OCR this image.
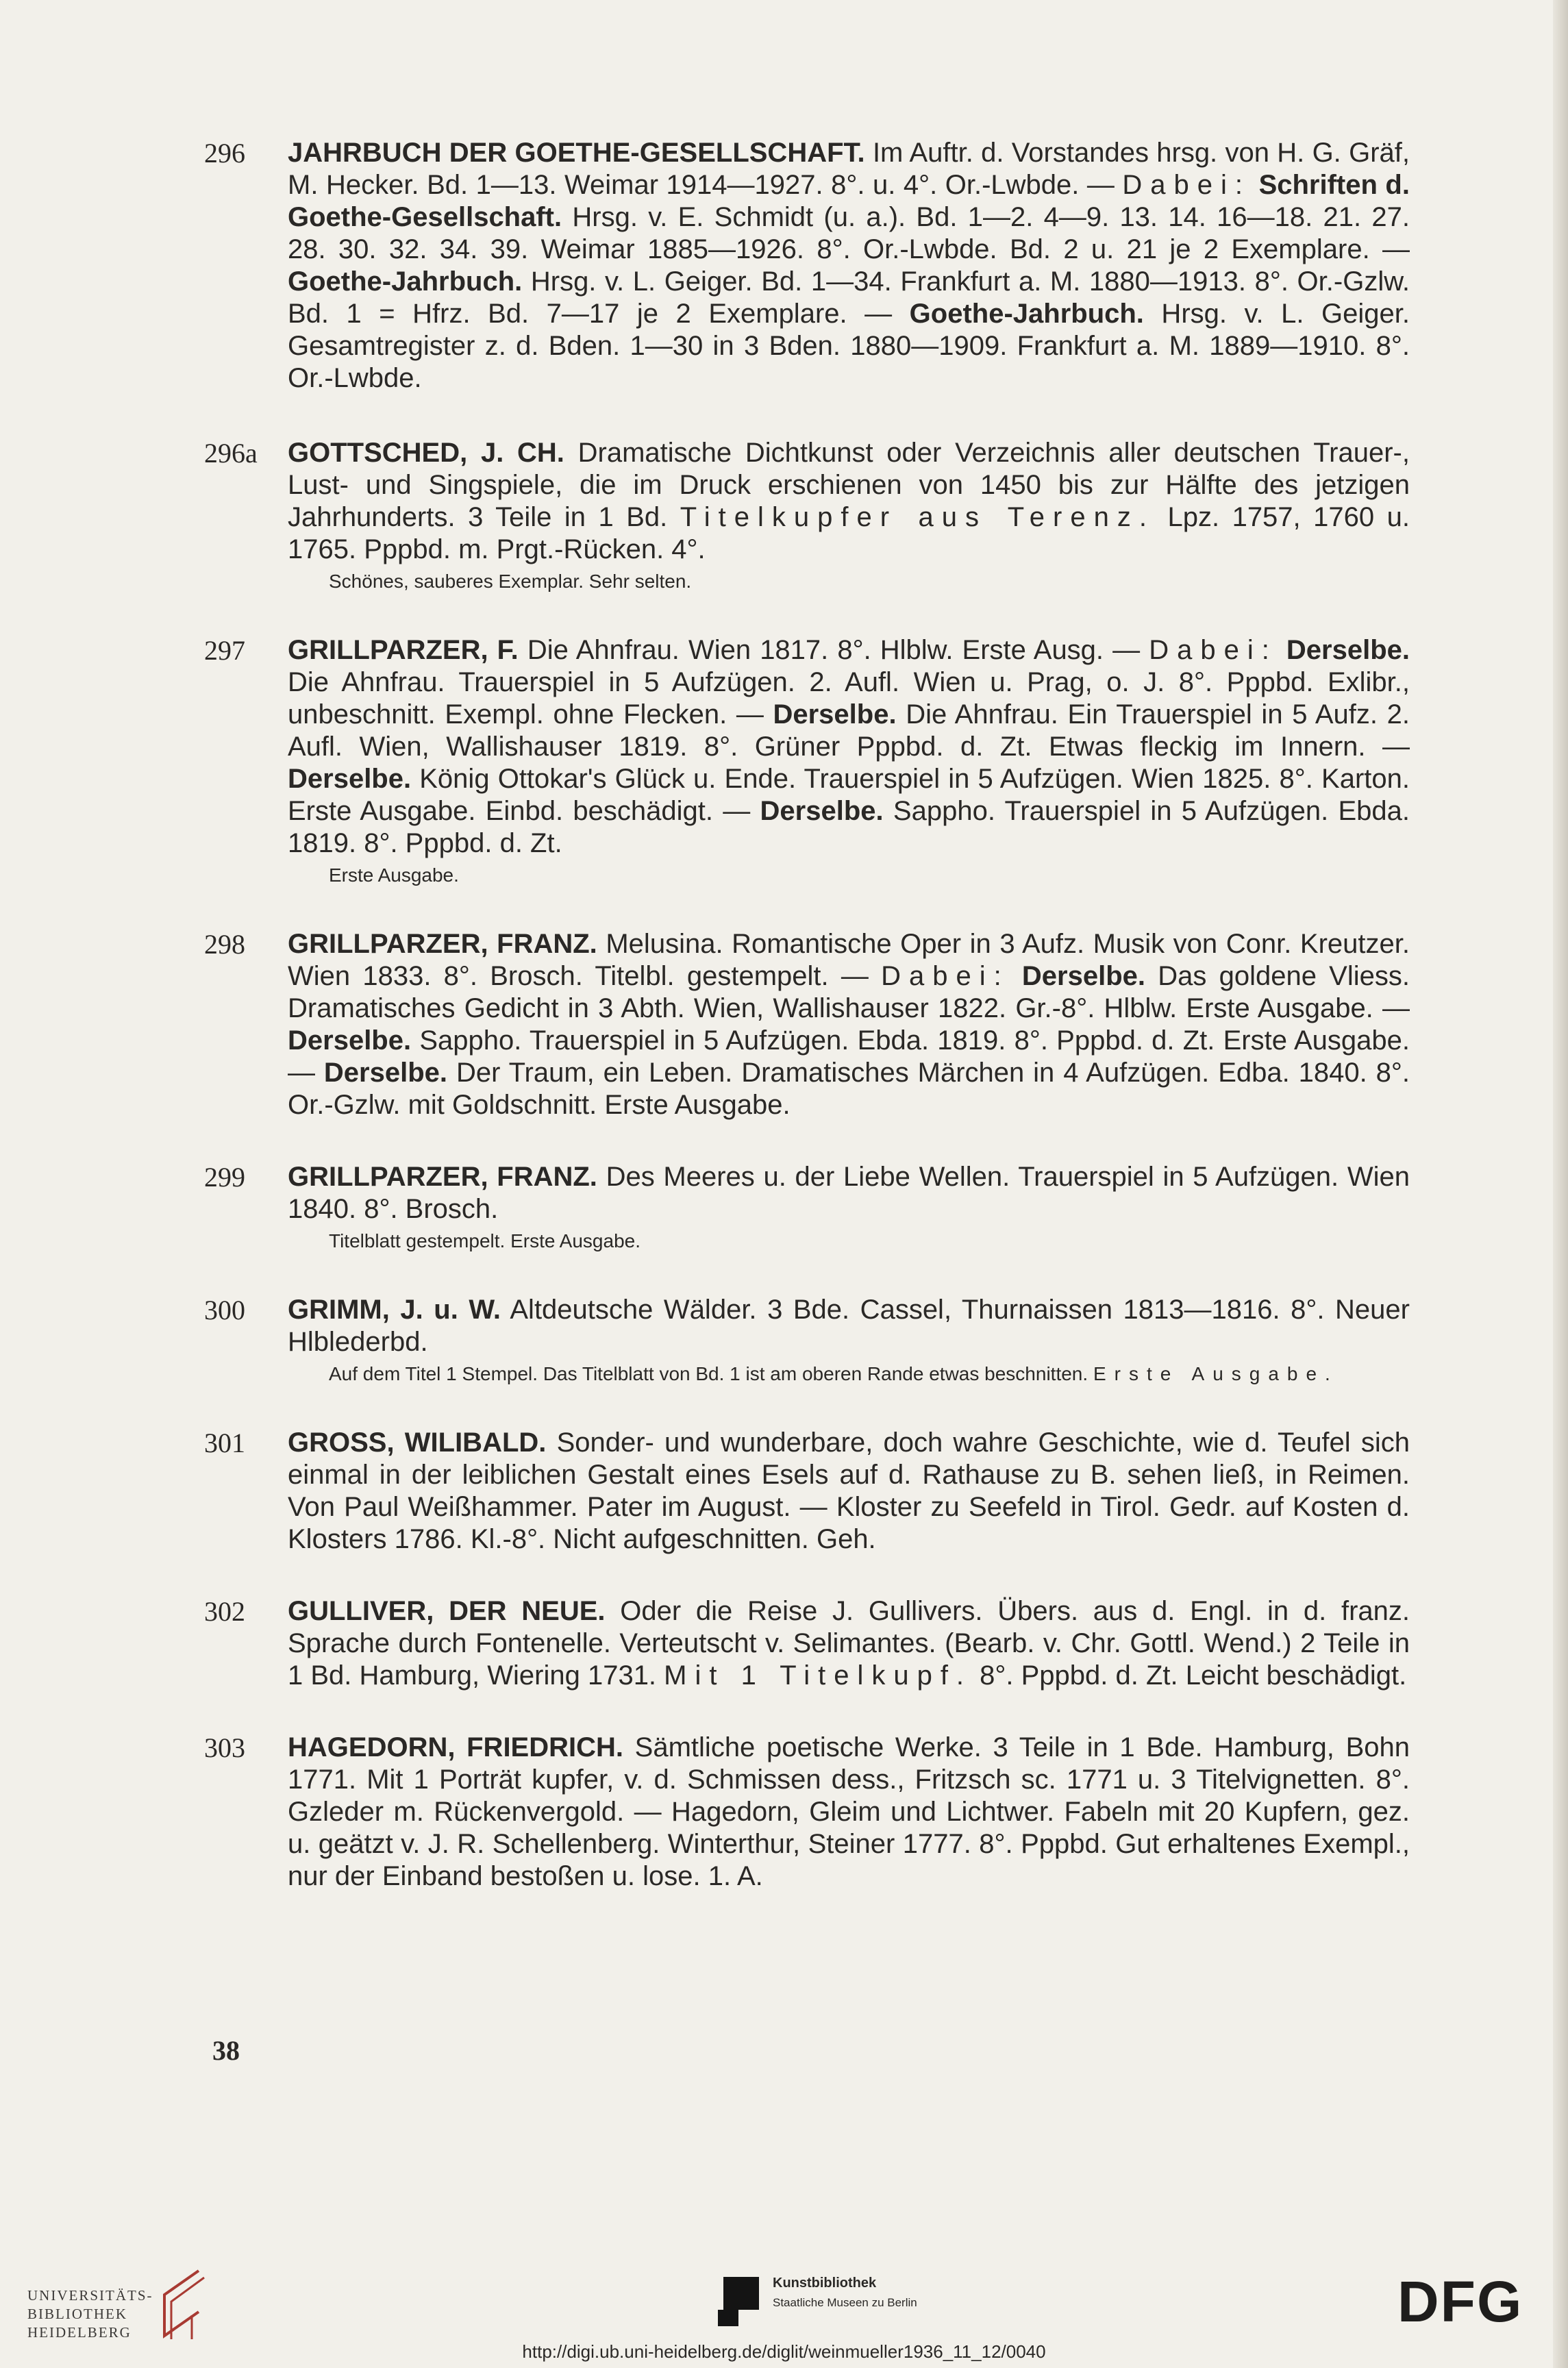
296	JAHRBUCH DER GOETHE-GESELLSCHAFT. Im Auftr. d. Vorstandes hrsg. von H. G. Gräf, M. Hecker. Bd. 1—13. Weimar 1914—1927. 8°. u. 4°. Or.-Lwbde. — Dabei: Schriften d. Goethe-Gesellschaft. Hrsg. v. E. Schmidt (u. a.). Bd. 1—2. 4—9. 13. 14. 16—18. 21. 27. 28. 30. 32. 34. 39. Weimar 1885—1926. 8°. Or.-Lwbde. Bd. 2 u. 21 je 2 Exemplare. — Goethe-Jahrbuch. Hrsg. v. L. Geiger. Bd. 1—34. Frankfurt a. M. 1880—1913. 8°. Or.-Gzlw. Bd. 1 = Hfrz. Bd. 7—17 je 2 Exemplare. — Goethe-Jahrbuch. Hrsg. v. L. Geiger. Gesamtregister z. d. Bden. 1—30 in 3 Bden. 1880—1909. Frankfurt a. M. 1889—1910. 8°. Or.-Lwbde.
296a	GOTTSCHED, J. CH. Dramatische Dichtkunst oder Verzeichnis aller deutschen Trauer-, Lust- und Singspiele, die im Druck erschienen von 1450 bis zur Hälfte des jetzigen Jahrhunderts. 3 Teile in 1 Bd. Titelkupfer aus Terenz. Lpz. 1757, 1760 u. 1765. Pppbd. m. Prgt.-Rücken. 4°.
Schönes, sauberes Exemplar. Sehr selten.
297	GRILLPARZER, F. Die Ahnfrau. Wien 1817. 8°. Hlblw. Erste Ausg. — Dabei: Derselbe. Die Ahnfrau. Trauerspiel in 5 Aufzügen. 2. Aufl. Wien u. Prag, o. J. 8°. Pppbd. Exlibr., unbeschnitt. Exempl. ohne Flecken. — Derselbe. Die Ahnfrau. Ein Trauerspiel in 5 Aufz. 2. Aufl. Wien, Wallishauser 1819. 8°. Grüner Pppbd. d. Zt. Etwas fleckig im Innern. — Derselbe. König Ottokar's Glück u. Ende. Trauerspiel in 5 Aufzügen. Wien 1825. 8°. Karton. Erste Ausgabe. Einbd. beschädigt. — Derselbe. Sappho. Trauerspiel in 5 Aufzügen. Ebda. 1819. 8°. Pppbd. d. Zt.
Erste Ausgabe.
298	GRILLPARZER, FRANZ. Melusina. Romantische Oper in 3 Aufz. Musik von Conr. Kreutzer. Wien 1833. 8°. Brosch. Titelbl. gestempelt. — Dabei: Derselbe. Das goldene Vliess. Dramatisches Gedicht in 3 Abth. Wien, Wallishauser 1822. Gr.-8°. Hlblw. Erste Ausgabe. — Derselbe. Sappho. Trauerspiel in 5 Aufzügen. Ebda. 1819. 8°. Pppbd. d. Zt. Erste Ausgabe. — Derselbe. Der Traum, ein Leben. Dramatisches Märchen in 4 Aufzügen. Edba. 1840. 8°. Or.-Gzlw. mit Goldschnitt. Erste Ausgabe.
299	GRILLPARZER, FRANZ. Des Meeres u. der Liebe Wellen. Trauerspiel in 5 Aufzügen. Wien 1840. 8°. Brosch.
Titelblatt gestempelt. Erste Ausgabe.
300	GRIMM, J. u. W. Altdeutsche Wälder. 3 Bde. Cassel, Thurnaissen 1813—1816. 8°. Neuer Hlblederbd.
Auf dem Titel 1 Stempel. Das Titelblatt von Bd. 1 ist am oberen Rande etwas beschnitten. Erste Ausgabe.
301	GROSS, WILIBALD. Sonder- und wunderbare, doch wahre Geschichte, wie d. Teufel sich einmal in der leiblichen Gestalt eines Esels auf d. Rathause zu B. sehen ließ, in Reimen. Von Paul Weißhammer. Pater im August. — Kloster zu Seefeld in Tirol. Gedr. auf Kosten d. Klosters 1786. Kl.-8°. Nicht aufgeschnitten. Geh.
302	GULLIVER, DER NEUE. Oder die Reise J. Gullivers. Übers. aus d. Engl. in d. franz. Sprache durch Fontenelle. Verteutscht v. Selimantes. (Bearb. v. Chr. Gottl. Wend.) 2 Teile in 1 Bd. Hamburg, Wiering 1731. Mit 1 Titelkupf. 8°. Pppbd. d. Zt. Leicht beschädigt.
303	HAGEDORN, FRIEDRICH. Sämtliche poetische Werke. 3 Teile in 1 Bde. Hamburg, Bohn 1771. Mit 1 Porträt kupfer, v. d. Schmissen dess., Fritzsch sc. 1771 u. 3 Titelvignetten. 8°. Gzleder m. Rückenvergold. — Hagedorn, Gleim und Lichtwer. Fabeln mit 20 Kupfern, gez. u. geätzt v. J. R. Schellenberg. Winterthur, Steiner 1777. 8°. Pppbd. Gut erhaltenes Exempl., nur der Einband bestoßen u. lose. 1. A.
38
UNIVERSITÄTS-
BIBLIOTHEK
HEIDELBERG
Kunstbibliothek
Staatliche Museen zu Berlin	DFG
http://digi.ub.uni-heidelberg.de/diglit/weinmueller1936_11_12/0040
